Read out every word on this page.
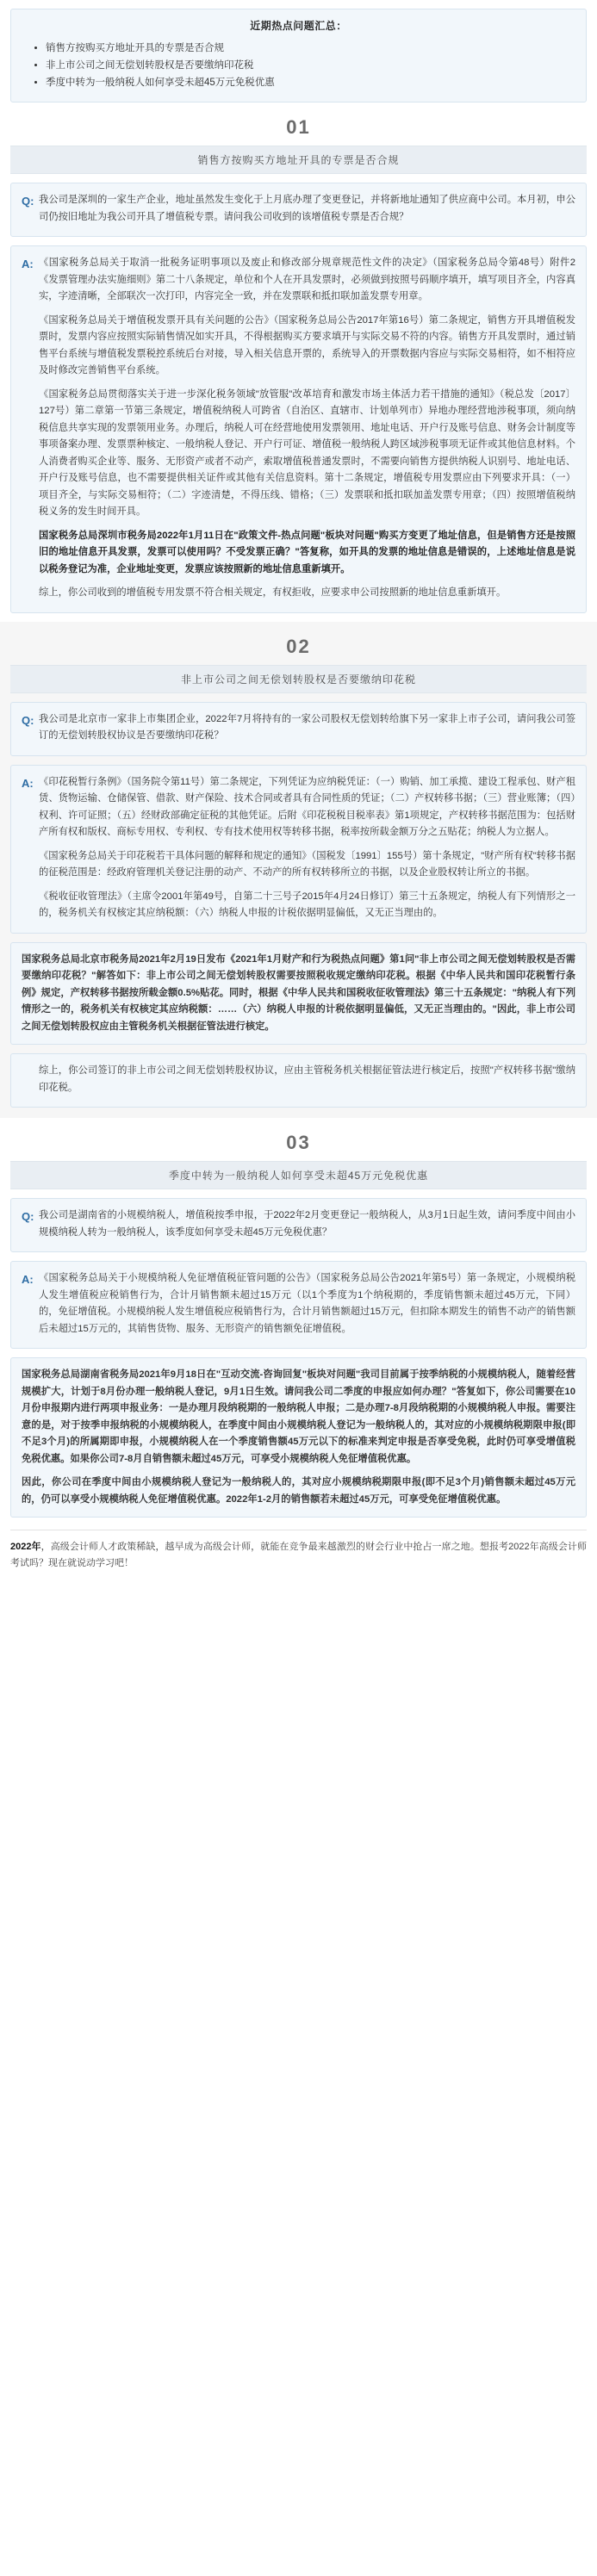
近期热点问题汇总：
• 销售方按购买方地址开具的专票是否合规
• 非上市公司之间无偿划转股权是否要缴纳印花税
• 季度中转为一般纳税人如何享受未超45万元免税优惠
01
销售方按购买方地址开具的专票是否合规
Q: 我公司是深圳的一家生产企业，地址虽然发生变化于上月底办理了变更登记，并将新地址通知了供应商中公司。本月初，申公司仍按旧地址为我公司开具了增值税专票。请问我公司收到的该增值税专票是否合规？

A: 《国家税务总局关于取消一批税务证明事项以及废止和修改部分规章规范性文件的决定》（国家税务总局令第48号）附件2《发票管理办法实施细则》第二十八条规定，单位和个人在开具发票时，必须做到按照号码顺序填开，填写项目齐全，内容真实，字迹清晰，全部联次一次打印，内容完全一致，并在发票联和抵扣联加盖发票专用章。

《国家税务总局关于增值税发票开具有关问题的公告》（国家税务总局公告2017年第16号）第二条规定，销售方开具增值税发票时，发票内容应按照实际销售情况如实开具，不得根据购买方要求填开与实际交易不符的内容。销售方开具发票时，通过销售平台系统与增值税发票税控系统后台对接，导入相关信息开票的，系统导入的开票数据内容应与实际交易相符，如不相符应及时修改完善销售平台系统。

《国家税务总局贯彻落实关于进一步深化税务领域"放管服"改革培育和激发市场主体活力若干措施的通知》（税总发〔2017〕127号）第二章第一节第三条规定，增值税纳税人可跨省（自治区、直辖市、计划单列市）异地办理经营地涉税事项，须向纳税信息共享实现的发票领用业务。办理后，纳税人可在经营地使用发票领用、地址电话、开户行及账号信息、财务会计制度等事项备案办理、发票票种核定、一般纳税人登记、开户行可证、增值税一般纳税人跨区域涉税事项无证件或其他信息材料。个人消费者购买企业等、服务、无形资产或者不动产，索取增值税普通发票时，不需要向销售方提供纳税人识别号、地址电话、开户行及账号信息，也不需要提供相关证件或其他有关信息资料。第十二条规定，增值税专用发票应由下列要求开具：（一）项目齐全，与实际交易相符；（二）字迹清楚，不得压线、错格；（三）发票联和抵扣联加盖发票专用章；（四）按照增值税纳税义务的发生时间开具。

国家税务总局深圳市税务局2022年1月11日在"政策文件-热点问题"板块对问题"购买方变更了地址信息，但是销售方还是按照旧的地址信息开具发票，发票可以使用吗？不受发票正确？"答复称，如开具的发票的地址信息是错误的，上述地址信息是说以税务登记为准，企业地址变更，发票应该按照新的地址信息重新填开。

综上，你公司收到的增值税专用发票不符合相关规定，有权拒收，应要求申公司按照新的地址信息重新填开。

02
非上市公司之间无偿划转股权是否要缴纳印花税
Q: 我公司是北京市一家非上市集团企业，2022年7月将持有的一家公司股权无偿划转给旗下另一家非上市子公司，请问我公司签订的无偿划转股权协议是否要缴纳印花税？

A: 《印花税暂行条例》（国务院令第11号）第二条规定，下列凭证为应纳税凭证：（一）购销、加工承揽、建设工程承包、财产租赁、货物运输、仓储保管、借款、财产保险、技术合同或者具有合同性质的凭证；（二）产权转移书据；（三）营业账簿；（四）权利、许可证照；（五）经财政部确定征税的其他凭证。后附《印花税税目税率表》第1项规定，产权转移书据范围为：包括财产所有权和版权、商标专用权、专利权、专有技术使用权等转移书据，税率按所载金额万分之五贴花；纳税人为立据人。

《国家税务总局关于印花税若干具体问题的解释和规定的通知》（国税发〔1991〕155号）第十条规定，"财产所有权"转移书据的征税范围是：经政府管理机关登记注册的动产、不动产的所有权转移所立的书据，以及企业股权转让所立的书据。

《税收征收管理法》（主席令2001年第49号，自第二十三号子2015年4月24日修订）第三十五条规定，纳税人有下列情形之一的，税务机关有权核定其应纳税额：（六）纳税人申报的计税依据明显偏低，又无正当理由的。

国家税务总局北京市税务局2021年2月19日发布《2021年1月财产和行为税热点问题》第1问"非上市公司之间无偿划转股权是否需要缴纳印花税？"解答如下：非上市公司之间无偿划转股权需要按照税收规定缴纳印花税。根据《中华人民共和国印花税暂行条例》规定，产权转移书据按所载金额0.5%贴花。同时，根据《中华人民共和国税收征收管理法》第三十五条规定："纳税人有下列情形之一的，税务机关有权核定其应纳税额：……（六）纳税人申报的计税依据明显偏低，又无正当理由的。"因此，非上市公司之间无偿划转股权应由主管税务机关根据征管法进行核定。

综上，你公司签订的非上市公司之间无偿划转股权协议，应由主管税务机关根据征管法进行核定后，按照"产权转移书据"缴纳印花税。

03
季度中转为一般纳税人如何享受未超45万元免税优惠
Q: 我公司是湖南省的小规模纳税人，增值税按季申报，于2022年2月变更登记一般纳税人，从3月1日起生效，请问季度中间由小规模纳税人转为一般纳税人，该季度如何享受未超45万元免税优惠？

A: 《国家税务总局关于小规模纳税人免征增值税征管问题的公告》（国家税务总局公告2021年第5号）第一条规定，小规模纳税人发生增值税应税销售行为，合计月销售额未超过15万元（以1个季度为1个纳税期的，季度销售额未超过45万元，下同）的，免征增值税。小规模纳税人发生增值税应税销售行为，合计月销售额超过15万元，但扣除本期发生的销售不动产的销售额后未超过15万元的，其销售货物、服务、无形资产的销售额免征增值税。

国家税务总局湖南省税务局2021年9月18日在"互动交流-咨询回复"板块对问题"我司目前属于按季纳税的小规模纳税人，随着经营规模扩大，计划于8月份办理一般纳税人登记，9月1日生效。请问我公司二季度的申报应如何办理？"答复如下，你公司需要在10月份申报期内进行两项申报业务：一是办理月段纳税期的一般纳税人申报；二是办理7-8月段纳税期的小规模纳税人申报。需要注意的是，对于按季申报纳税的小规模纳税人，在季度中间由小规模纳税人登记为一般纳税人的，其对应的小规模纳税期限申报(即不足3个月)的所属期即申报，小规模纳税人在一个季度销售额45万元以下的标准来判定申报是否享受免税，此时仍可享受增值税免税优惠。如果你公司7-8月自销售额未超过45万元，可享受小规模纳税人免征增值税优惠。

因此，你公司在季度中间由小规模纳税人登记为一般纳税人的，其对应小规模纳税期限申报(即不足3个月)销售额未超过45万元的，仍可以享受小规模纳税人免征增值税优惠。2022年1-2月的销售额若未超过45万元，可享受免征增值税优惠。

2022年，高级会计师人才政策稀缺，越早成为高级会计师，就能在竞争最来越激烈的财会行业中抢占一席之地。想报考2022年高级会计师考试吗？现在就说动学习吧！
